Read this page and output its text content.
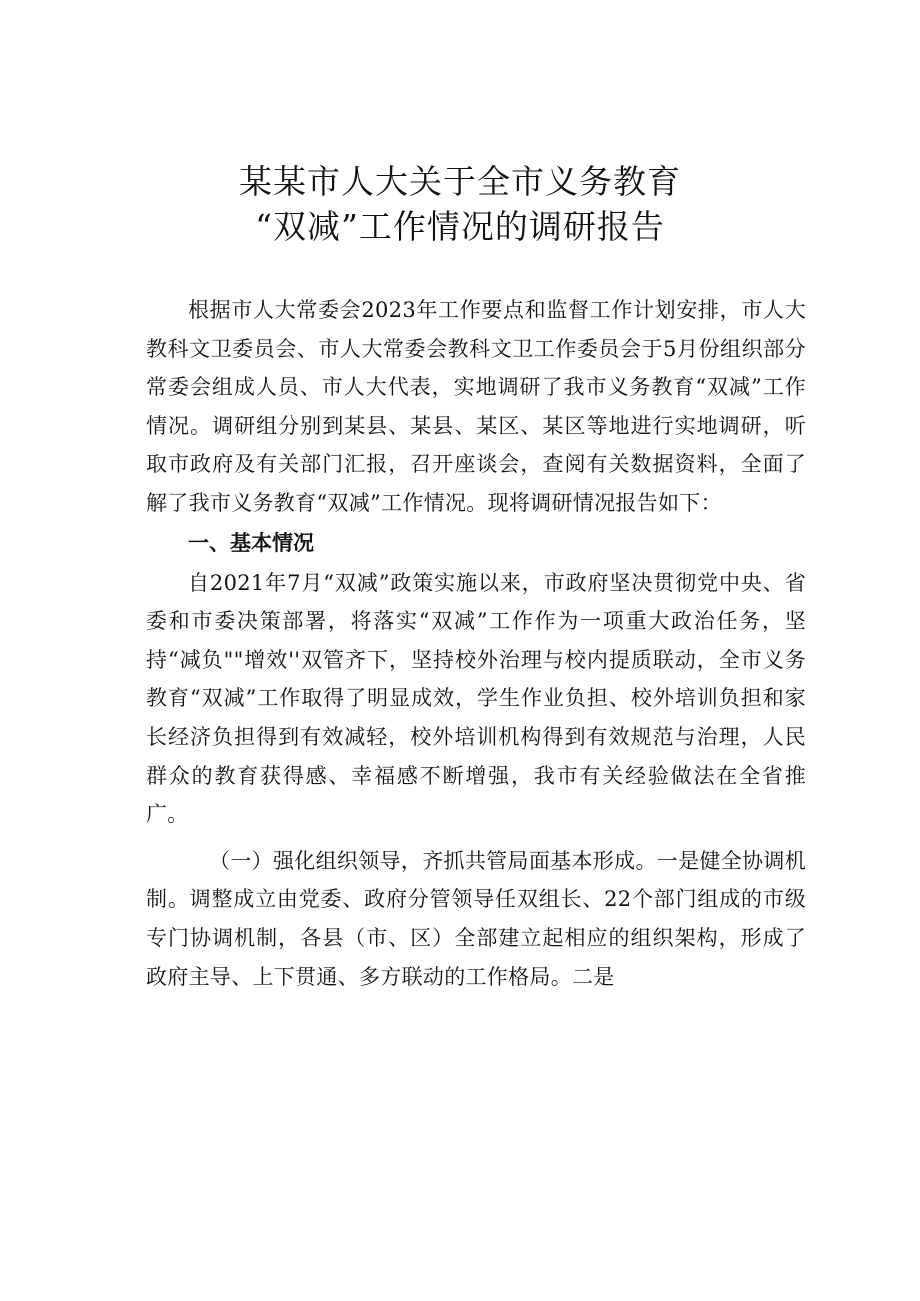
某某市人大关于全市义务教育
“双减”工作情况的调研报告

根据市人大常委会2023年工作要点和监督工作计划安排，市人大教科文卫委员会、市人大常委会教科文卫工作委员会于5月份组织部分常委会组成人员、市人大代表，实地调研了我市义务教育“双减”工作情况。调研组分别到某县、某县、某区、某区等地进行实地调研，听取市政府及有关部门汇报，召开座谈会，查阅有关数据资料，全面了解了我市义务教育“双减”工作情况。现将调研情况报告如下：

一、基本情况

自2021年7月“双减”政策实施以来，市政府坚决贯彻党中央、省委和市委决策部署，将落实“双减”工作作为一项重大政治任务，坚持“减负""增效''双管齐下，坚持校外治理与校内提质联动，全市义务教育“双减”工作取得了明显成效，学生作业负担、校外培训负担和家长经济负担得到有效减轻，校外培训机构得到有效规范与治理，人民群众的教育获得感、幸福感不断增强，我市有关经验做法在全省推广。

（一）强化组织领导，齐抓共管局面基本形成。一是健全协调机制。调整成立由党委、政府分管领导任双组长、22个部门组成的市级专门协调机制，各县（市、区）全部建立起相应的组织架构，形成了政府主导、上下贯通、多方联动的工作格局。二是
